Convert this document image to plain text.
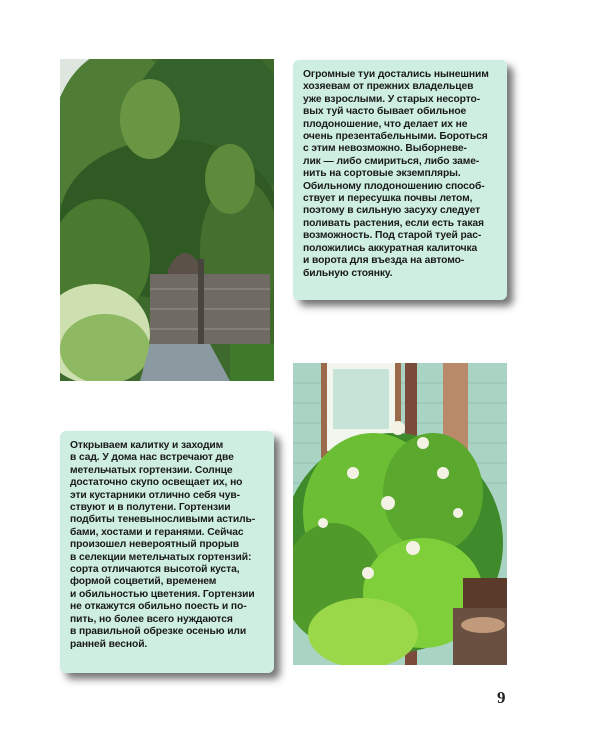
Огромные туи достались нынешним
хозяевам от прежних владельцев
уже взрослыми. У старых несорто-
вых туй часто бывает обильное
плодоношение, что делает их не
очень презентабельными. Бороться
с этим невозможно. Выборневе-
лик — либо смириться, либо заме-
нить на сортовые экземпляры.
Обильному плодоношению способ-
ствует и пересушка почвы летом,
поэтому в сильную засуху следует
поливать растения, если есть такая
возможность. Под старой туей рас-
положились аккуратная калиточка
и ворота для въезда на автомо-
бильную стоянку.

Открываем калитку и заходим
в сад. У дома нас встречают две
метельчатых гортензии. Солнце
достаточно скупо освещает их, но
эти кустарники отлично себя чув-
ствуют и в полутени. Гортензии
подбиты теневыносливыми астиль-
бами, хостами и геранями. Сейчас
произошел невероятный прорыв
в селекции метельчатых гортензий:
сорта отличаются высотой куста,
формой соцветий, временем
и обильностью цветения. Гортензии
не откажутся обильно поесть и по-
пить, но более всего нуждаются
в правильной обрезке осенью или
ранней весной.

9
